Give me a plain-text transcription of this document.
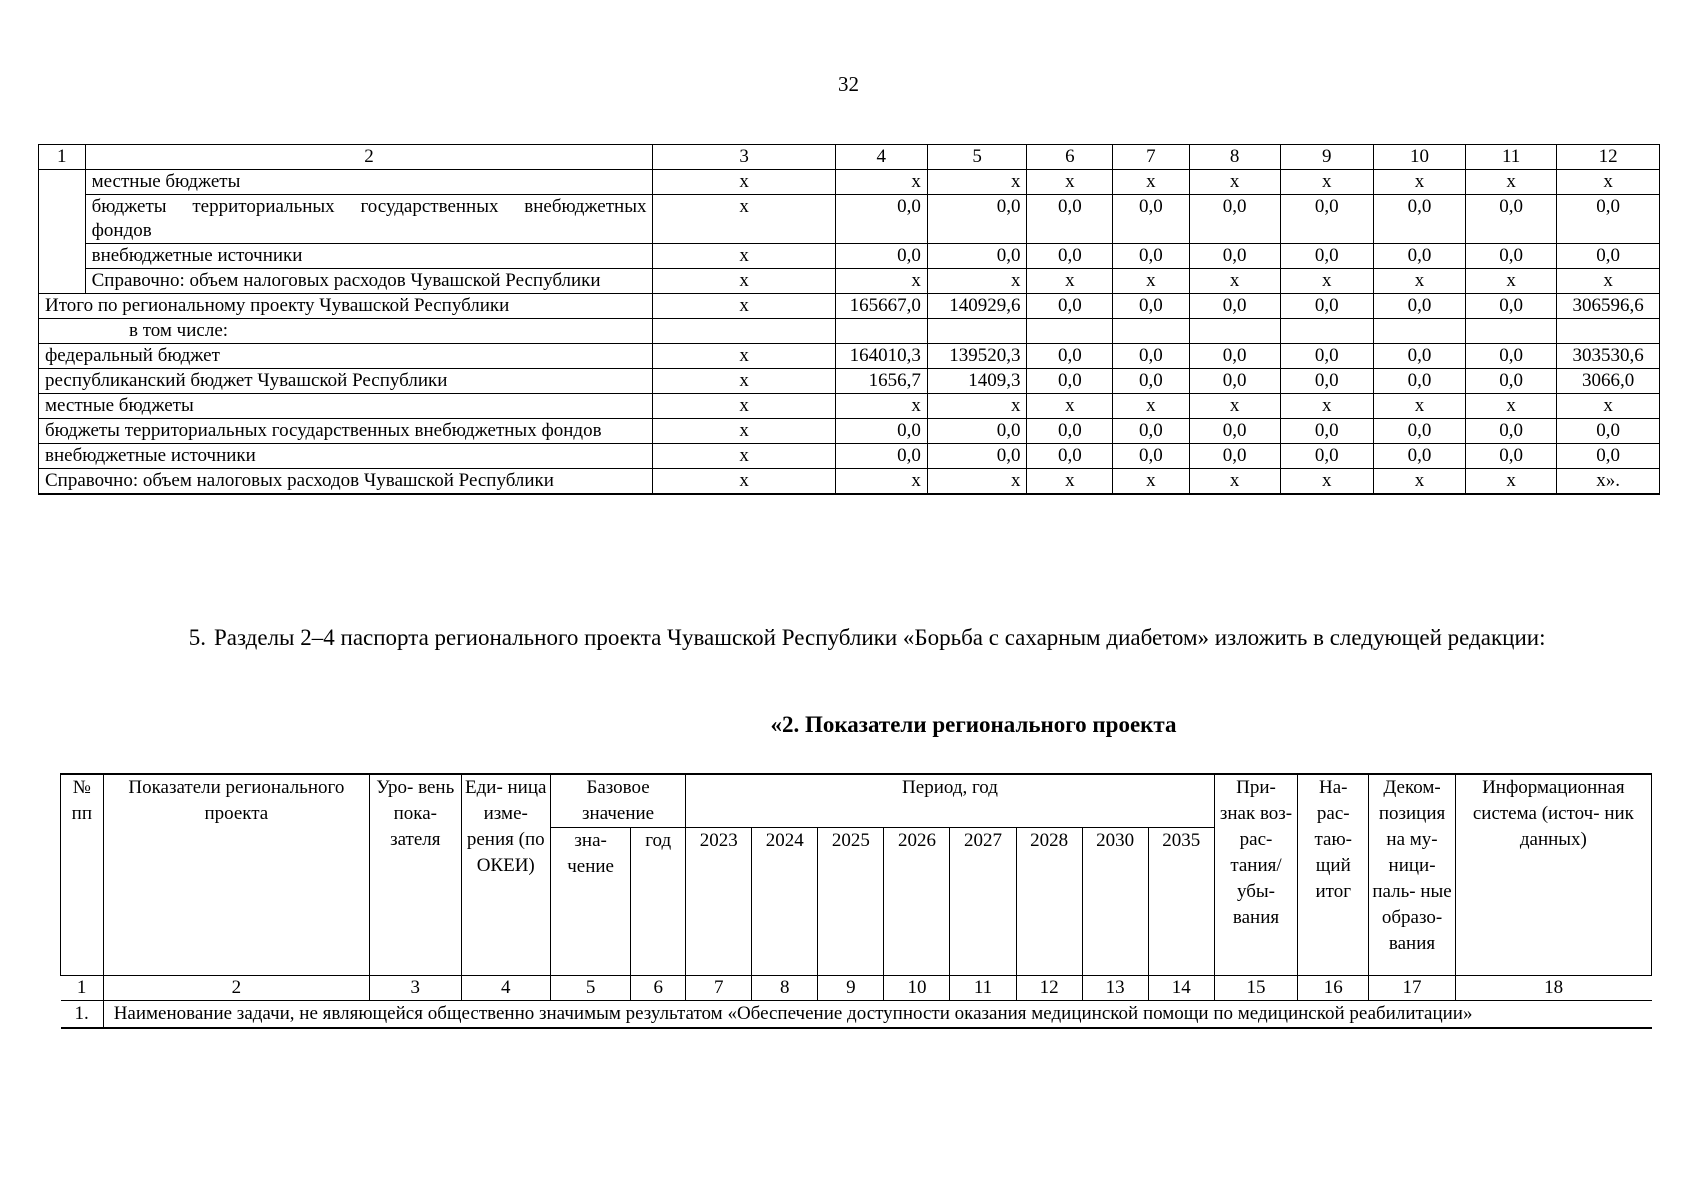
32
1	2	3	4	5	6	7	8	9	10	11	12
	местные бюджеты	х	х	х	х	х	х	х	х	х	х
	бюджеты территориальных государственных внебюджетных фондов	х	0,0	0,0	0,0	0,0	0,0	0,0	0,0	0,0	0,0
	внебюджетные источники	х	0,0	0,0	0,0	0,0	0,0	0,0	0,0	0,0	0,0
	Справочно: объем налоговых расходов Чувашской Республики	х	х	х	х	х	х	х	х	х	х
Итого по региональному проекту Чувашской Республики		х	165667,0	140929,6	0,0	0,0	0,0	0,0	0,0	0,0	306596,6
в том числе:											
федеральный бюджет		х	164010,3	139520,3	0,0	0,0	0,0	0,0	0,0	0,0	303530,6
республиканский бюджет Чувашской Республики		х	1656,7	1409,3	0,0	0,0	0,0	0,0	0,0	0,0	3066,0
местные бюджеты		х	х	х	х	х	х	х	х	х	х
бюджеты территориальных государственных внебюджетных фондов		х	0,0	0,0	0,0	0,0	0,0	0,0	0,0	0,0	0,0
внебюджетные источники		х	0,0	0,0	0,0	0,0	0,0	0,0	0,0	0,0	0,0
Справочно: объем налоговых расходов Чувашской Республики		х	х	х	х	х	х	х	х	х	х».
5. Разделы 2–4 паспорта регионального проекта Чувашской Республики «Борьба с сахарным диабетом» изложить в следующей редакции:
«2. Показатели регионального проекта
№ пп	Показатели регионального проекта	Уро- вень пока- зателя	Еди- ница изме- рения (по ОКЕИ)	Базовое значение		Период, год								При- знак воз- рас- тания/ убы- вания	На- рас- таю- щий итог	Деком- позиция на му- ници- паль- ные образо- вания	Информационная система (источ- ник данных)
				зна- чение	год	2023	2024	2025	2026	2027	2028	2030	2035				
1	2	3	4	5	6	7	8	9	10	11	12	13	14	15	16	17	18
1.	Наименование задачи, не являющейся общественно значимым результатом «Обеспечение доступности оказания медицинской помощи по медицинской реабилитации»																
